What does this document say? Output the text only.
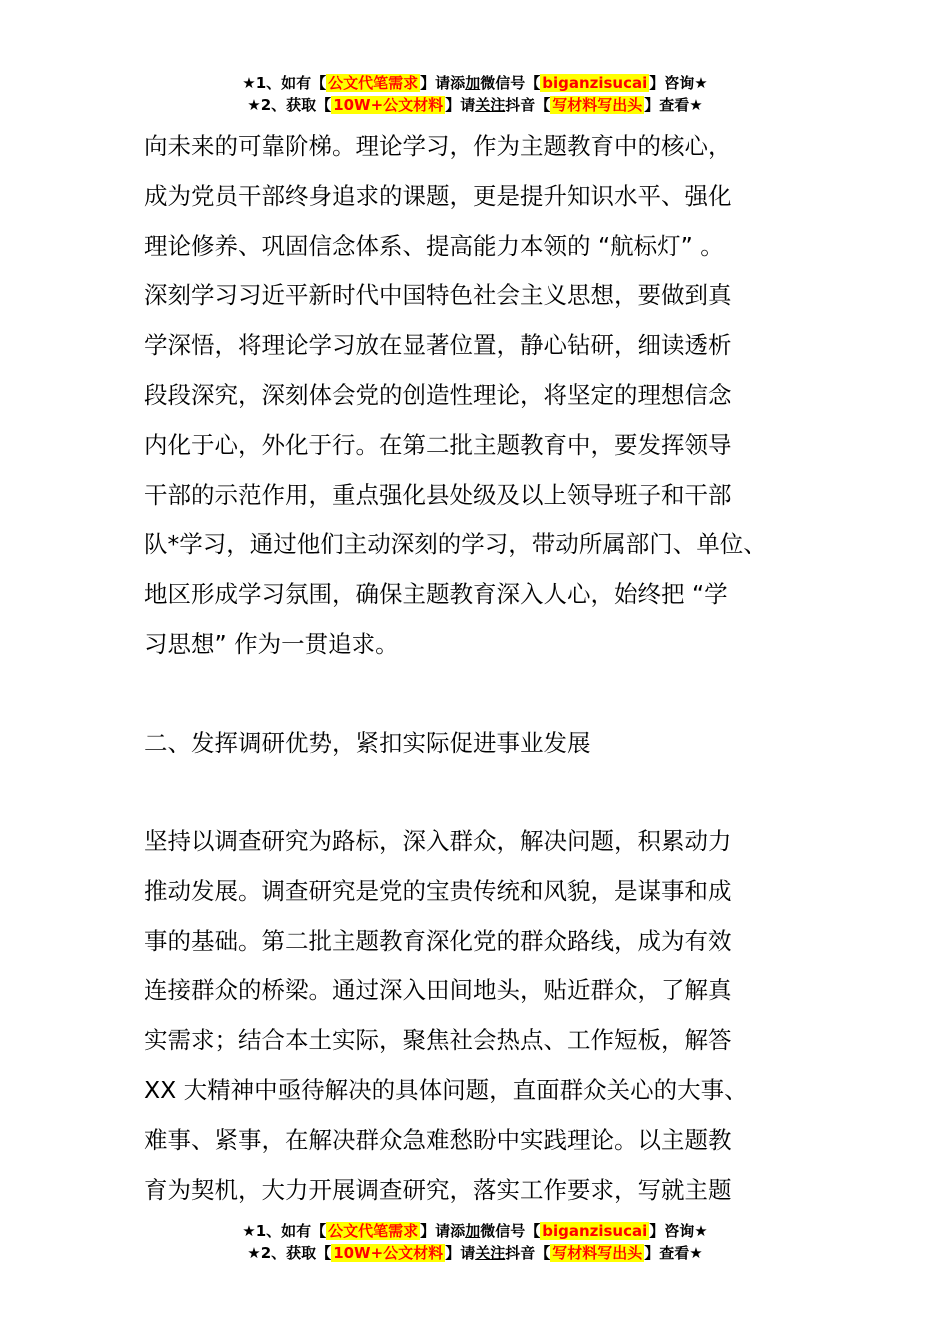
★1、如有【 公文代笔需求 】请添加微信号【 biganzisucai 】咨询★
★2、获取【 10W+公文材料 】请关注抖音【 写材料写出头 】查看★

向未来的可靠阶梯。理论学习，作为主题教育中的核心，

成为党员干部终身追求的课题，更是提升知识水平、强化

理论修养、巩固信念体系、提高能力本领的 “航标灯” 。

深刻学习习近平新时代中国特色社会主义思想，要做到真

学深悟，将理论学习放在显著位置，静心钻研，细读透析

段段深究，深刻体会党的创造性理论，将坚定的理想信念

内化于心，外化于行。在第二批主题教育中，要发挥领导

干部的示范作用，重点强化县处级及以上领导班子和干部

队*学习，通过他们主动深刻的学习，带动所属部门、单位、

地区形成学习氛围，确保主题教育深入人心，始终把 “学

习思想” 作为一贯追求。

二、发挥调研优势，紧扣实际促进事业发展

坚持以调查研究为路标，深入群众，解决问题，积累动力

推动发展。调查研究是党的宝贵传统和风貌，是谋事和成

事的基础。第二批主题教育深化党的群众路线，成为有效

连接群众的桥梁。通过深入田间地头，贴近群众，了解真

实需求；结合本土实际，聚焦社会热点、工作短板，解答

XX 大精神中亟待解决的具体问题，直面群众关心的大事、

难事、紧事，在解决群众急难愁盼中实践理论。以主题教

育为契机，大力开展调查研究，落实工作要求，写就主题

★1、如有【 公文代笔需求 】请添加微信号【 biganzisucai 】咨询★
★2、获取【 10W+公文材料 】请关注抖音【 写材料写出头 】查看★
